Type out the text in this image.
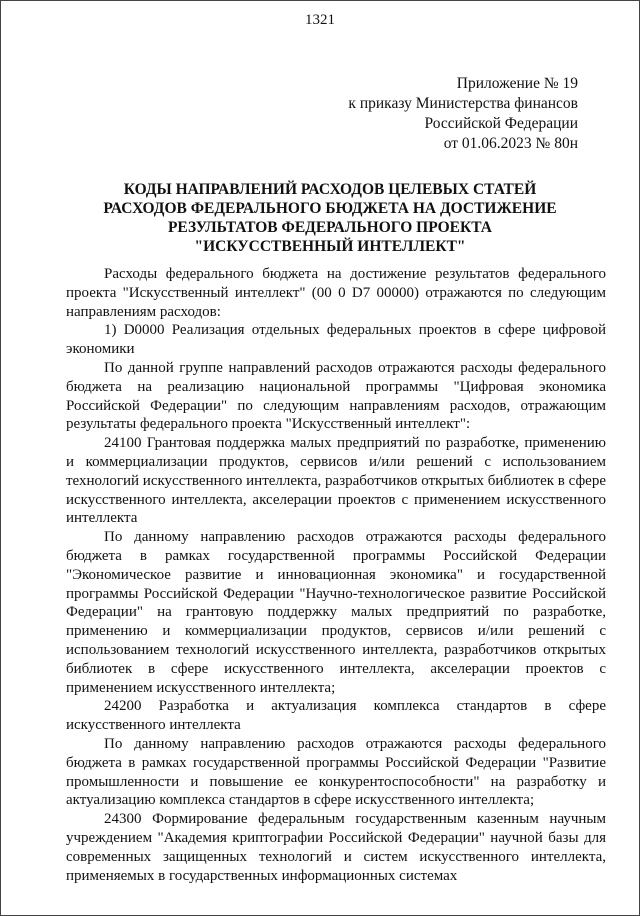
1321
Приложение № 19
к приказу Министерства финансов
Российской Федерации
от 01.06.2023 № 80н
КОДЫ НАПРАВЛЕНИЙ РАСХОДОВ ЦЕЛЕВЫХ СТАТЕЙ
РАСХОДОВ ФЕДЕРАЛЬНОГО БЮДЖЕТА НА ДОСТИЖЕНИЕ
РЕЗУЛЬТАТОВ ФЕДЕРАЛЬНОГО ПРОЕКТА
"ИСКУССТВЕННЫЙ ИНТЕЛЛЕКТ"

Расходы федерального бюджета на достижение результатов федерального проекта "Искусственный интеллект" (00 0 D7 00000) отражаются по следующим направлениям расходов:

1) D0000 Реализация отдельных федеральных проектов в сфере цифровой экономики

По данной группе направлений расходов отражаются расходы федерального бюджета на реализацию национальной программы "Цифровая экономика Российской Федерации" по следующим направлениям расходов, отражающим результаты федерального проекта "Искусственный интеллект":

24100 Грантовая поддержка малых предприятий по разработке, применению и коммерциализации продуктов, сервисов и/или решений с использованием технологий искусственного интеллекта, разработчиков открытых библиотек в сфере искусственного интеллекта, акселерации проектов с применением искусственного интеллекта

По данному направлению расходов отражаются расходы федерального бюджета в рамках государственной программы Российской Федерации "Экономическое развитие и инновационная экономика" и государственной программы Российской Федерации "Научно-технологическое развитие Российской Федерации" на грантовую поддержку малых предприятий по разработке, применению и коммерциализации продуктов, сервисов и/или решений с использованием технологий искусственного интеллекта, разработчиков открытых библиотек в сфере искусственного интеллекта, акселерации проектов с применением искусственного интеллекта;

24200 Разработка и актуализация комплекса стандартов в сфере искусственного интеллекта

По данному направлению расходов отражаются расходы федерального бюджета в рамках государственной программы Российской Федерации "Развитие промышленности и повышение ее конкурентоспособности" на разработку и актуализацию комплекса стандартов в сфере искусственного интеллекта;

24300 Формирование федеральным государственным казенным научным учреждением "Академия криптографии Российской Федерации" научной базы для современных защищенных технологий и систем искусственного интеллекта, применяемых в государственных информационных системах
